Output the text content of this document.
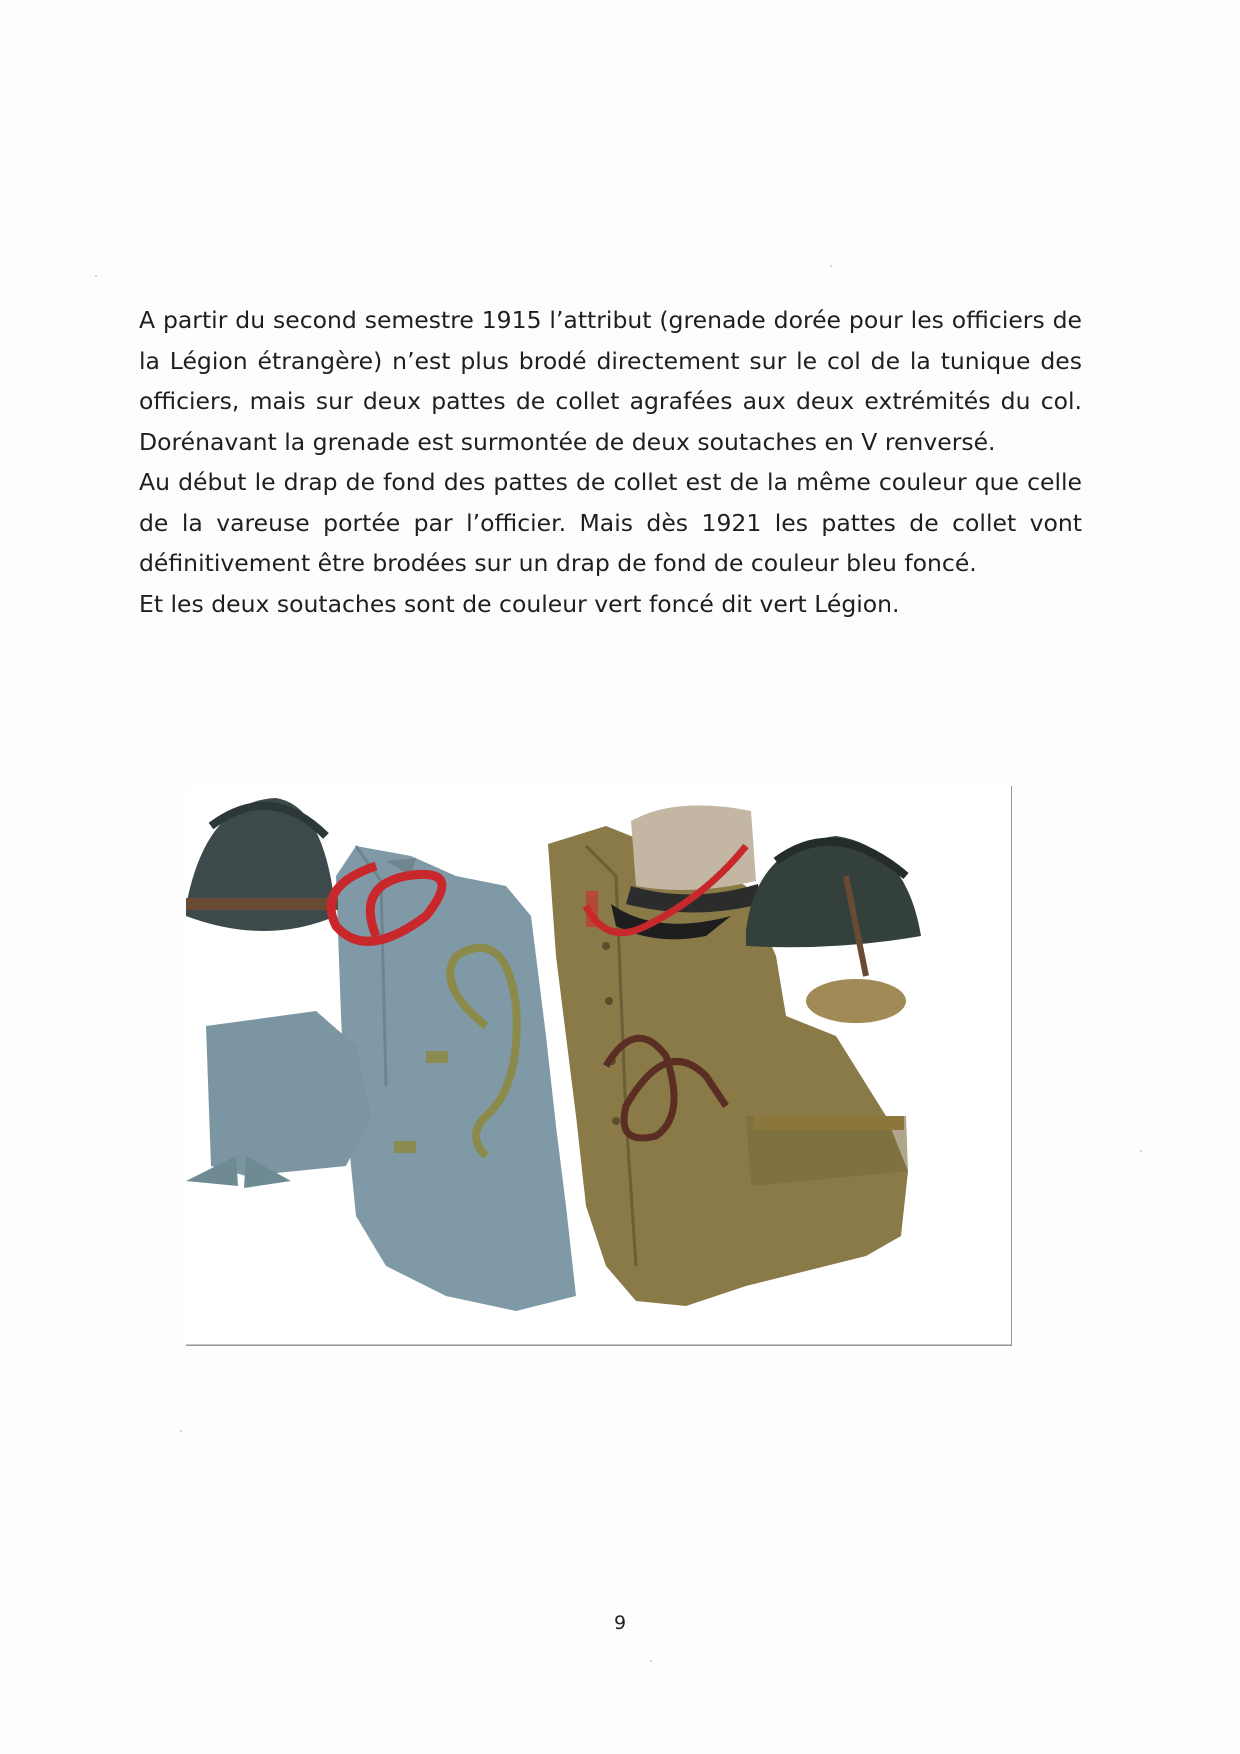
A partir du second semestre 1915 l’attribut (grenade dorée pour les officiers de la Légion étrangère) n’est plus brodé directement sur le col de la tunique des officiers, mais sur deux pattes de collet agrafées aux deux extrémités du col.

Dorénavant la grenade est surmontée de deux soutaches en V renversé.

Au début le drap de fond des pattes de collet est de la même couleur que celle de la vareuse portée par l’officier. Mais dès 1921 les pattes de collet vont définitivement être brodées sur un drap de fond de couleur bleu foncé.

Et les deux soutaches sont de couleur vert foncé dit vert Légion.

9
